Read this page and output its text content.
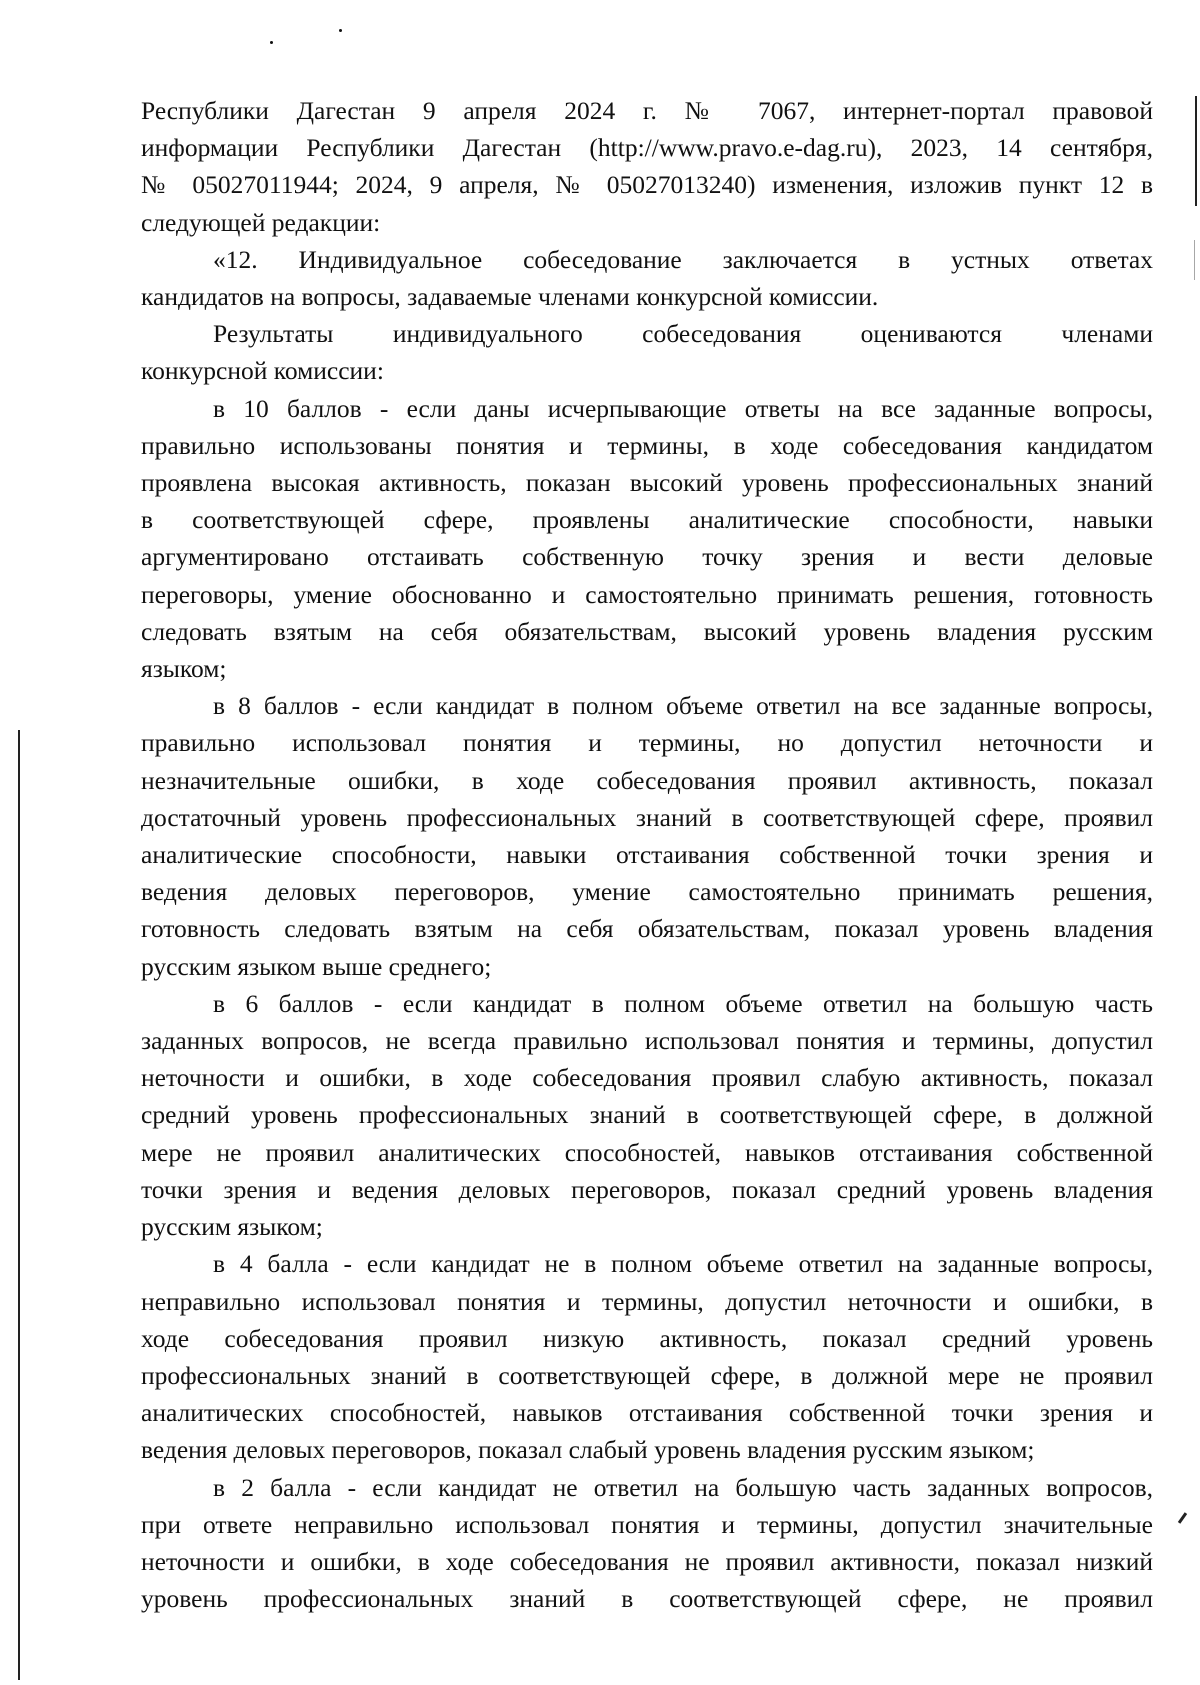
Республики Дагестан 9 апреля 2024 г. № 7067, интернет-портал правовой
информации Республики Дагестан (http://www.pravo.e-dag.ru), 2023, 14 сентября,
№ 05027011944; 2024, 9 апреля, № 05027013240) изменения, изложив пункт 12 в

следующей редакции:

«12. Индивидуальное собеседование заключается в устных ответах

кандидатов на вопросы, задаваемые членами конкурсной комиссии.

Результаты индивидуального собеседования оцениваются членами

конкурсной комиссии:

в 10 баллов - если даны исчерпывающие ответы на все заданные вопросы,

правильно использованы понятия и термины, в ходе собеседования кандидатом

проявлена высокая активность, показан высокий уровень профессиональных знаний

в соответствующей сфере, проявлены аналитические способности, навыки

аргументировано отстаивать собственную точку зрения и вести деловые

переговоры, умение обоснованно и самостоятельно принимать решения, готовность

следовать взятым на себя обязательствам, высокий уровень владения русским

языком;

в 8 баллов - если кандидат в полном объеме ответил на все заданные вопросы,

правильно использовал понятия и термины, но допустил неточности и

незначительные ошибки, в ходе собеседования проявил активность, показал

достаточный уровень профессиональных знаний в соответствующей сфере, проявил

аналитические способности, навыки отстаивания собственной точки зрения и

ведения деловых переговоров, умение самостоятельно принимать решения,

готовность следовать взятым на себя обязательствам, показал уровень владения

русским языком выше среднего;

в 6 баллов - если кандидат в полном объеме ответил на большую часть

заданных вопросов, не всегда правильно использовал понятия и термины, допустил

неточности и ошибки, в ходе собеседования проявил слабую активность, показал

средний уровень профессиональных знаний в соответствующей сфере, в должной

мере не проявил аналитических способностей, навыков отстаивания собственной

точки зрения и ведения деловых переговоров, показал средний уровень владения

русским языком;

в 4 балла - если кандидат не в полном объеме ответил на заданные вопросы,

неправильно использовал понятия и термины, допустил неточности и ошибки, в

ходе собеседования проявил низкую активность, показал средний уровень

профессиональных знаний в соответствующей сфере, в должной мере не проявил

аналитических способностей, навыков отстаивания собственной точки зрения и

ведения деловых переговоров, показал слабый уровень владения русским языком;

в 2 балла - если кандидат не ответил на большую часть заданных вопросов,

при ответе неправильно использовал понятия и термины, допустил значительные

неточности и ошибки, в ходе собеседования не проявил активности, показал низкий

уровень профессиональных знаний в соответствующей сфере, не проявил
